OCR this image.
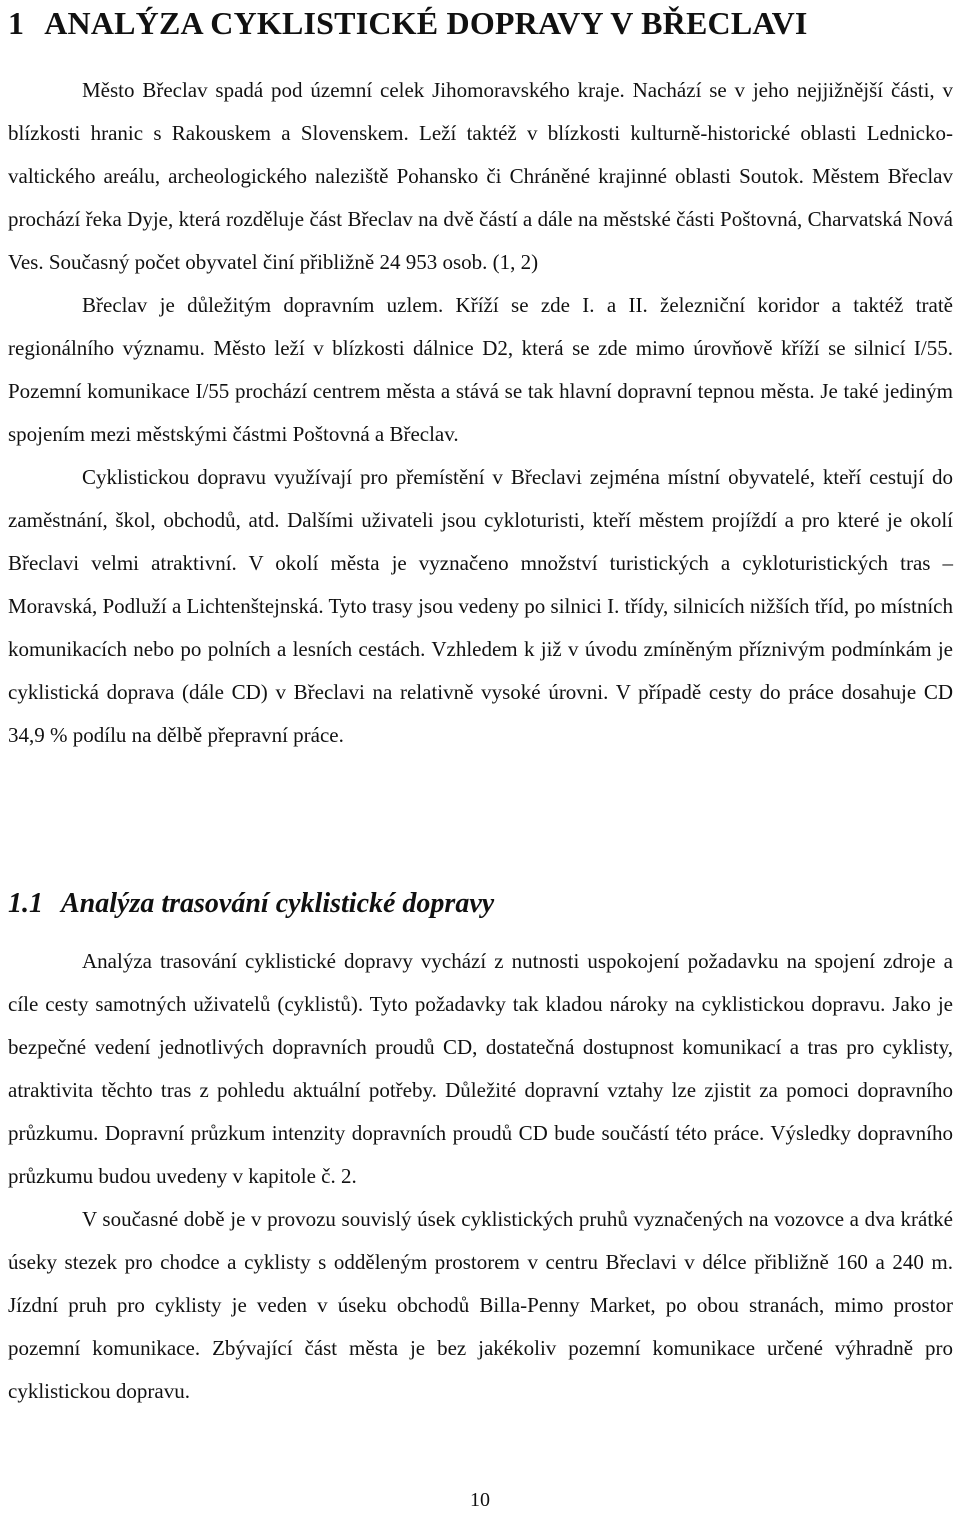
1 ANALÝZA CYKLISTICKÉ DOPRAVY V BŘECLAVI

Město Břeclav spadá pod územní celek Jihomoravského kraje. Nachází se v jeho nejjižnější části, v blízkosti hranic s Rakouskem a Slovenskem. Leží taktéž v blízkosti kulturně-historické oblasti Lednicko-valtického areálu, archeologického naleziště Pohansko či Chráněné krajinné oblasti Soutok. Městem Břeclav prochází řeka Dyje, která rozděluje část Břeclav na dvě částí a dále na městské části Poštovná, Charvatská Nová Ves. Současný počet obyvatel činí přibližně 24 953 osob. (1, 2)

Břeclav je důležitým dopravním uzlem. Kříží se zde I. a II. železniční koridor a taktéž tratě regionálního významu. Město leží v blízkosti dálnice D2, která se zde mimo úrovňově kříží se silnicí I/55. Pozemní komunikace I/55 prochází centrem města a stává se tak hlavní dopravní tepnou města. Je také jediným spojením mezi městskými částmi Poštovná a Břeclav.

Cyklistickou dopravu využívají pro přemístění v Břeclavi zejména místní obyvatelé, kteří cestují do zaměstnání, škol, obchodů, atd. Dalšími uživateli jsou cykloturisti, kteří městem projíždí a pro které je okolí Břeclavi velmi atraktivní. V okolí města je vyznačeno množství turistických a cykloturistických tras – Moravská, Podluží a Lichtenštejnská. Tyto trasy jsou vedeny po silnici I. třídy, silnicích nižších tříd, po místních komunikacích nebo po polních a lesních cestách. Vzhledem k již v úvodu zmíněným příznivým podmínkám je cyklistická doprava (dále CD) v Břeclavi na relativně vysoké úrovni. V případě cesty do práce dosahuje CD 34,9 % podílu na dělbě přepravní práce.

1.1 Analýza trasování cyklistické dopravy

Analýza trasování cyklistické dopravy vychází z nutnosti uspokojení požadavku na spojení zdroje a cíle cesty samotných uživatelů (cyklistů). Tyto požadavky tak kladou nároky na cyklistickou dopravu. Jako je bezpečné vedení jednotlivých dopravních proudů CD, dostatečná dostupnost komunikací a tras pro cyklisty, atraktivita těchto tras z pohledu aktuální potřeby. Důležité dopravní vztahy lze zjistit za pomoci dopravního průzkumu. Dopravní průzkum intenzity dopravních proudů CD bude součástí této práce. Výsledky dopravního průzkumu budou uvedeny v kapitole č. 2.

V současné době je v provozu souvislý úsek cyklistických pruhů vyznačených na vozovce a dva krátké úseky stezek pro chodce a cyklisty s odděleným prostorem v centru Břeclavi v délce přibližně 160 a 240 m. Jízdní pruh pro cyklisty je veden v úseku obchodů Billa-Penny Market, po obou stranách, mimo prostor pozemní komunikace. Zbývající část města je bez jakékoliv pozemní komunikace určené výhradně pro cyklistickou dopravu.

10
